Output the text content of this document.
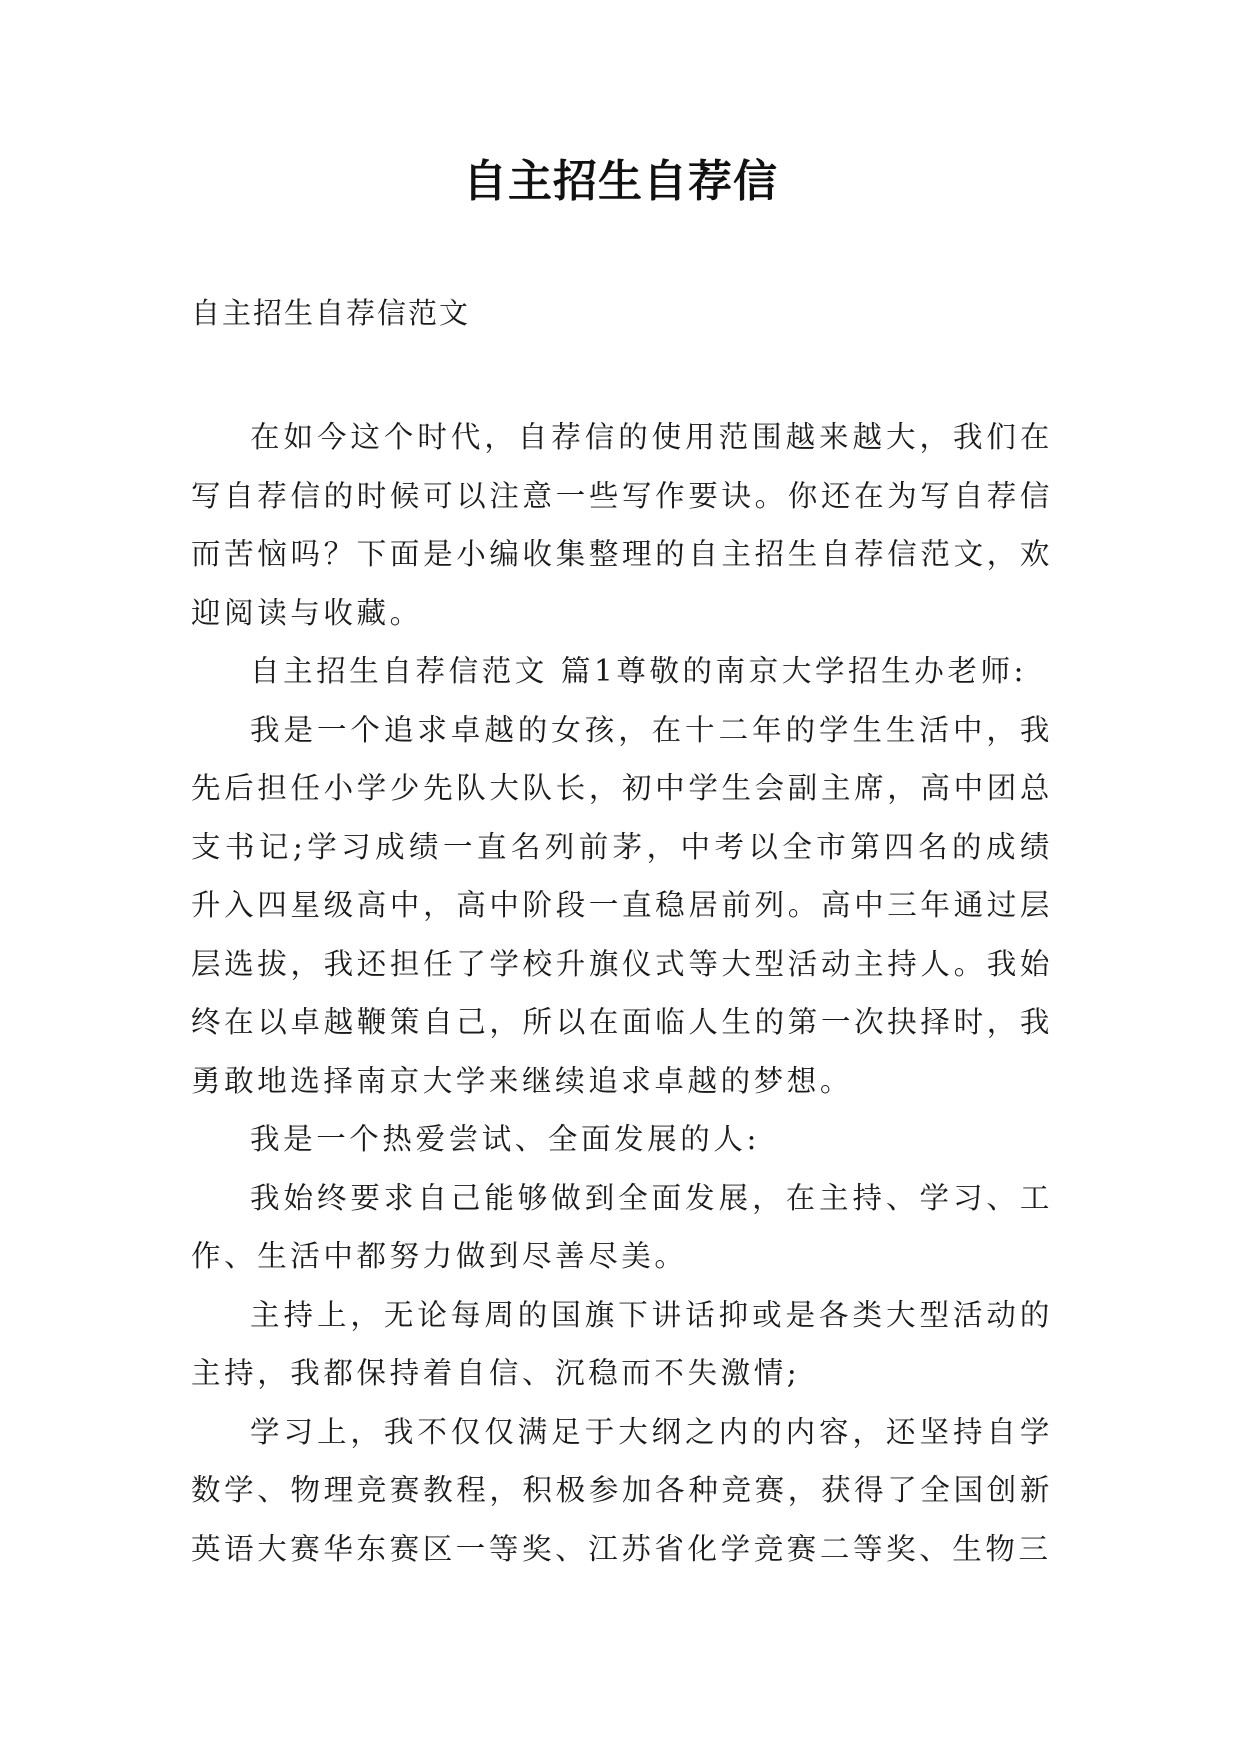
自主招生自荐信
自主招生自荐信范文

在如今这个时代，自荐信的使用范围越来越大，我们在写自荐信的时候可以注意一些写作要诀。你还在为写自荐信而苦恼吗？下面是小编收集整理的自主招生自荐信范文，欢迎阅读与收藏。

自主招生自荐信范文 篇1尊敬的南京大学招生办老师:

我是一个追求卓越的女孩，在十二年的学生生活中，我先后担任小学少先队大队长，初中学生会副主席，高中团总支书记;学习成绩一直名列前茅，中考以全市第四名的成绩升入四星级高中，高中阶段一直稳居前列。高中三年通过层层选拔，我还担任了学校升旗仪式等大型活动主持人。我始终在以卓越鞭策自己，所以在面临人生的第一次抉择时，我勇敢地选择南京大学来继续追求卓越的梦想。

我是一个热爱尝试、全面发展的人:

我始终要求自己能够做到全面发展，在主持、学习、工作、生活中都努力做到尽善尽美。

主持上，无论每周的国旗下讲话抑或是各类大型活动的主持，我都保持着自信、沉稳而不失激情;

学习上，我不仅仅满足于大纲之内的内容，还坚持自学数学、物理竞赛教程，积极参加各种竞赛，获得了全国创新英语大赛华东赛区一等奖、江苏省化学竞赛二等奖、生物三
